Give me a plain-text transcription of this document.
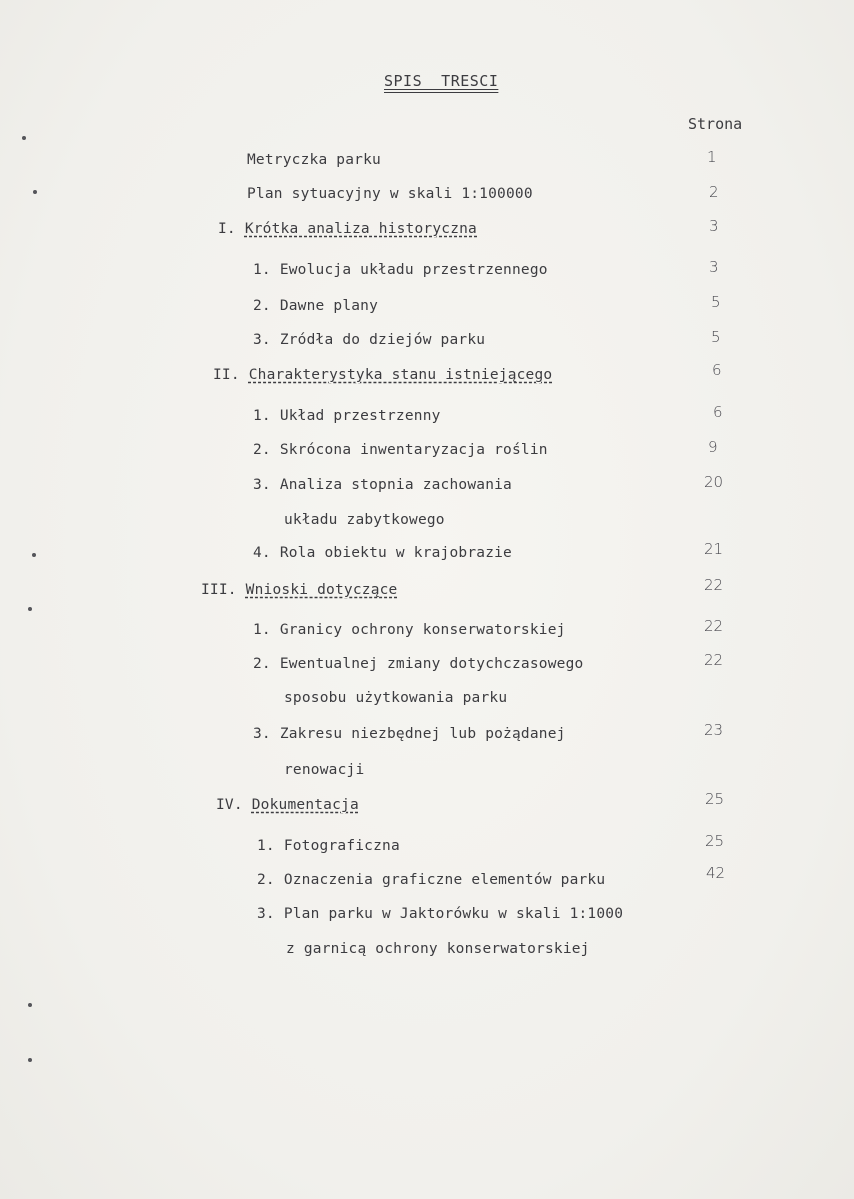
SPIS  TRESCI
Strona
Metryczka parku	1
Plan sytuacyjny w skali 1:100000	2
I. Krótka analiza historyczna	3
1. Ewolucja układu przestrzennego	3
2. Dawne plany	5
3. Zródła do dziejów parku	5
II. Charakterystyka stanu istniejącego	6
1. Układ przestrzenny	6
2. Skrócona inwentaryzacja roślin	9
3. Analiza stopnia zachowania	20
układu zabytkowego
4. Rola obiektu w krajobrazie	21
III. Wnioski dotyczące	22
1. Granicy ochrony konserwatorskiej	22
2. Ewentualnej zmiany dotychczasowego	22
sposobu użytkowania parku
3. Zakresu niezbędnej lub pożądanej	23
renowacji
IV. Dokumentacja	25
1. Fotograficzna	25
2. Oznaczenia graficzne elementów parku	42
3. Plan parku w Jaktorówku w skali 1:1000
z garnicą ochrony konserwatorskiej
